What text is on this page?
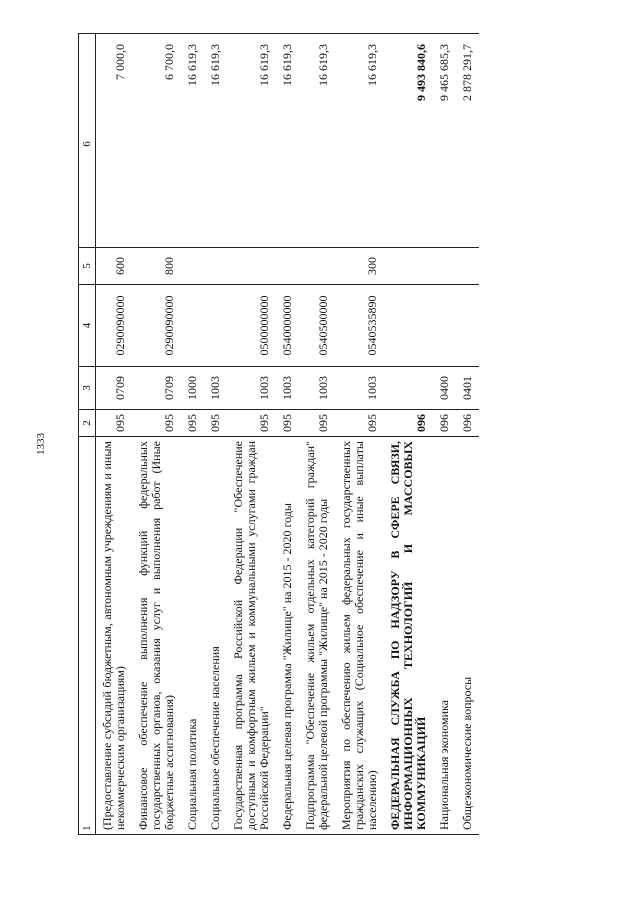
1333
1	2	3	4	5	6
(Предоставление субсидий бюджетным, автономным учреждениям и иным некоммерческим организациям)	095	0709	0290090000	600	7 000,0
Финансовое обеспечение выполнения функций федеральных государственных органов, оказания услуг и выполнения работ (Иные бюджетные ассигнования)	095	0709	0290090000	800	6 700,0
Социальная политика	095	1000			16 619,3
Социальное обеспечение населения	095	1003			16 619,3
Государственная программа Российской Федерации "Обеспечение доступным и комфортным жильем и коммунальными услугами граждан Российской Федерации"	095	1003	0500000000		16 619,3
Федеральная целевая программа "Жилище" на 2015 - 2020 годы	095	1003	0540000000		16 619,3
Подпрограмма "Обеспечение жильем отдельных категорий граждан" федеральной целевой программы "Жилище" на 2015 - 2020 годы	095	1003	0540500000		16 619,3
Мероприятия по обеспечению жильем федеральных государственных гражданских служащих (Социальное обеспечение и иные выплаты населению)	095	1003	0540535890	300	16 619,3
ФЕДЕРАЛЬНАЯ СЛУЖБА ПО НАДЗОРУ В СФЕРЕ СВЯЗИ, ИНФОРМАЦИОННЫХ ТЕХНОЛОГИЙ И МАССОВЫХ КОММУНИКАЦИЙ	096				9 493 840,6
Национальная экономика	096	0400			9 465 685,3
Общеэкономические вопросы	096	0401			2 878 291,7
